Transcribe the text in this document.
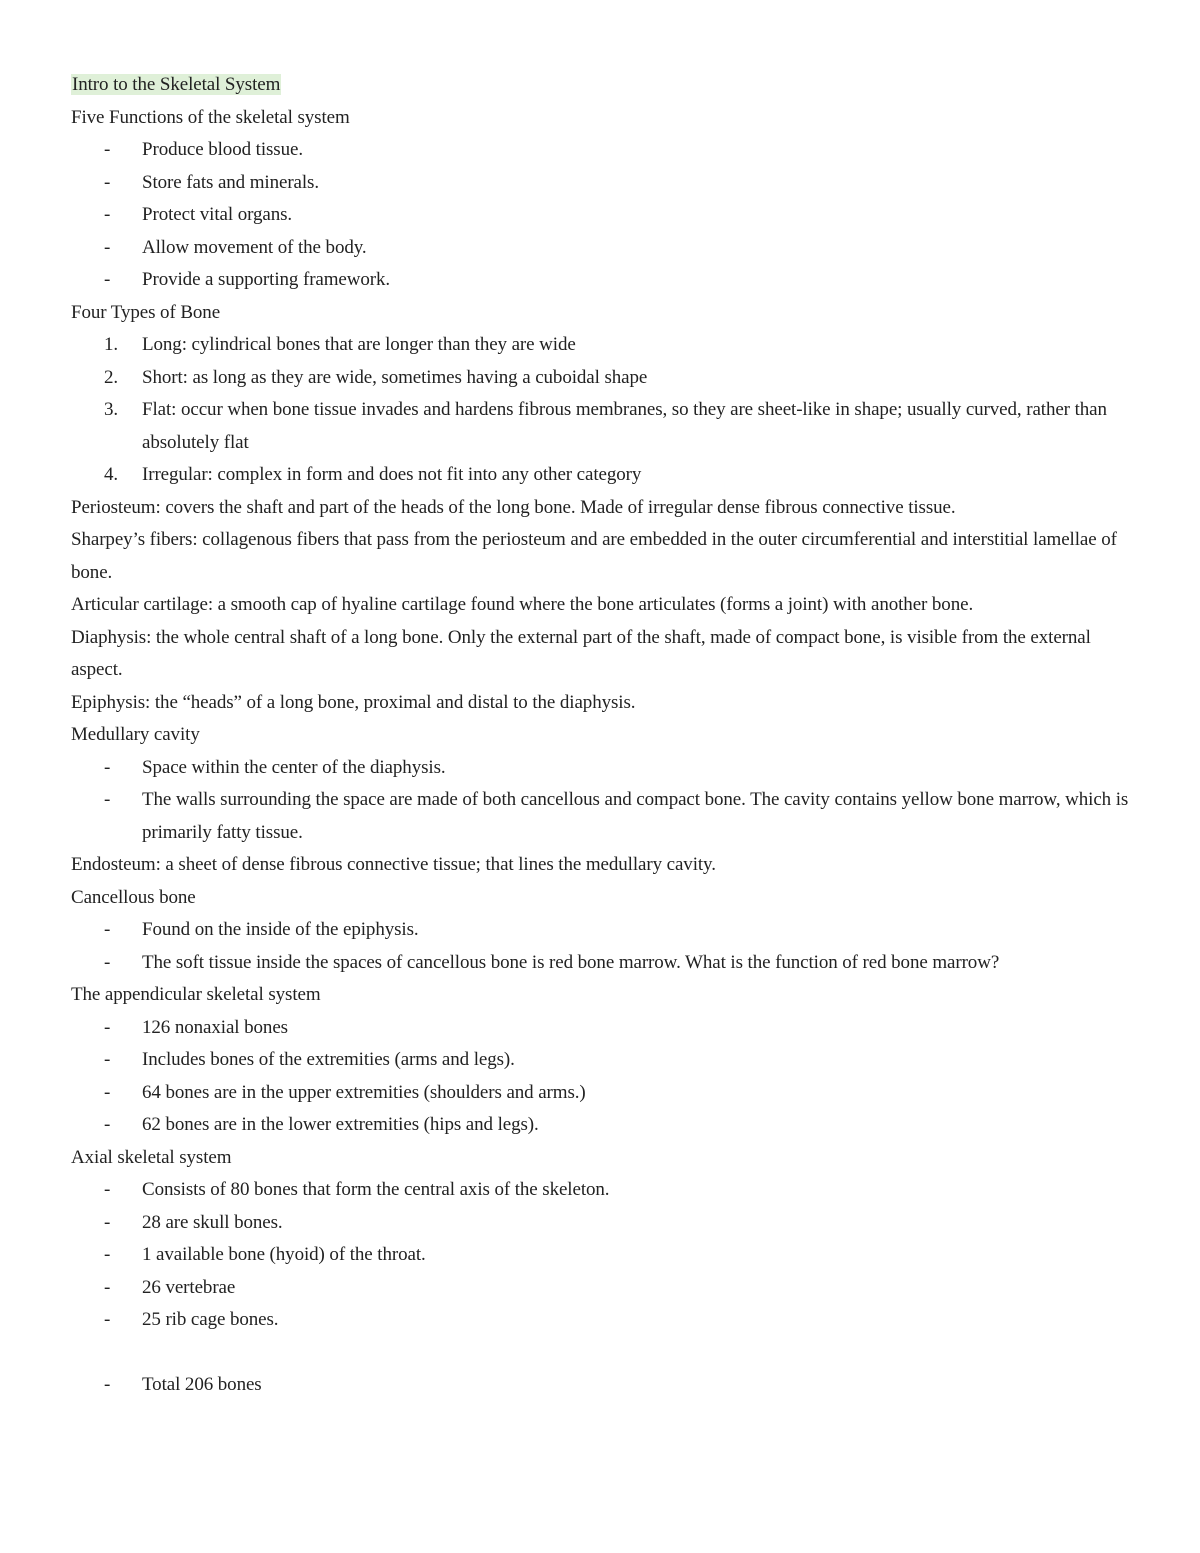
Intro to the Skeletal System

Five Functions of the skeletal system

-	Produce blood tissue.
-	Store fats and minerals.
-	Protect vital organs.
-	Allow movement of the body.
-	Provide a supporting framework.

Four Types of Bone

1.	Long: cylindrical bones that are longer than they are wide
2.	Short: as long as they are wide, sometimes having a cuboidal shape
3.	Flat: occur when bone tissue invades and hardens fibrous membranes, so they are sheet-like in shape; usually curved, rather than absolutely flat
4.	Irregular: complex in form and does not fit into any other category

Periosteum: covers the shaft and part of the heads of the long bone. Made of irregular dense fibrous connective tissue.

Sharpey’s fibers: collagenous fibers that pass from the periosteum and are embedded in the outer circumferential and interstitial lamellae of bone.

Articular cartilage: a smooth cap of hyaline cartilage found where the bone articulates (forms a joint) with another bone.

Diaphysis: the whole central shaft of a long bone. Only the external part of the shaft, made of compact bone, is visible from the external aspect.

Epiphysis: the “heads” of a long bone, proximal and distal to the diaphysis.

Medullary cavity

-	Space within the center of the diaphysis.
-	The walls surrounding the space are made of both cancellous and compact bone. The cavity contains yellow bone marrow, which is primarily fatty tissue.

Endosteum: a sheet of dense fibrous connective tissue; that lines the medullary cavity.

Cancellous bone

-	Found on the inside of the epiphysis.
-	The soft tissue inside the spaces of cancellous bone is red bone marrow. What is the function of red bone marrow?

The appendicular skeletal system

-	126 nonaxial bones
-	Includes bones of the extremities (arms and legs).
-	64 bones are in the upper extremities (shoulders and arms.)
-	62 bones are in the lower extremities (hips and legs).

Axial skeletal system

-	Consists of 80 bones that form the central axis of the skeleton.
-	28 are skull bones.
-	1 available bone (hyoid) of the throat.
-	26 vertebrae
-	25 rib cage bones.
-	Total 206 bones
